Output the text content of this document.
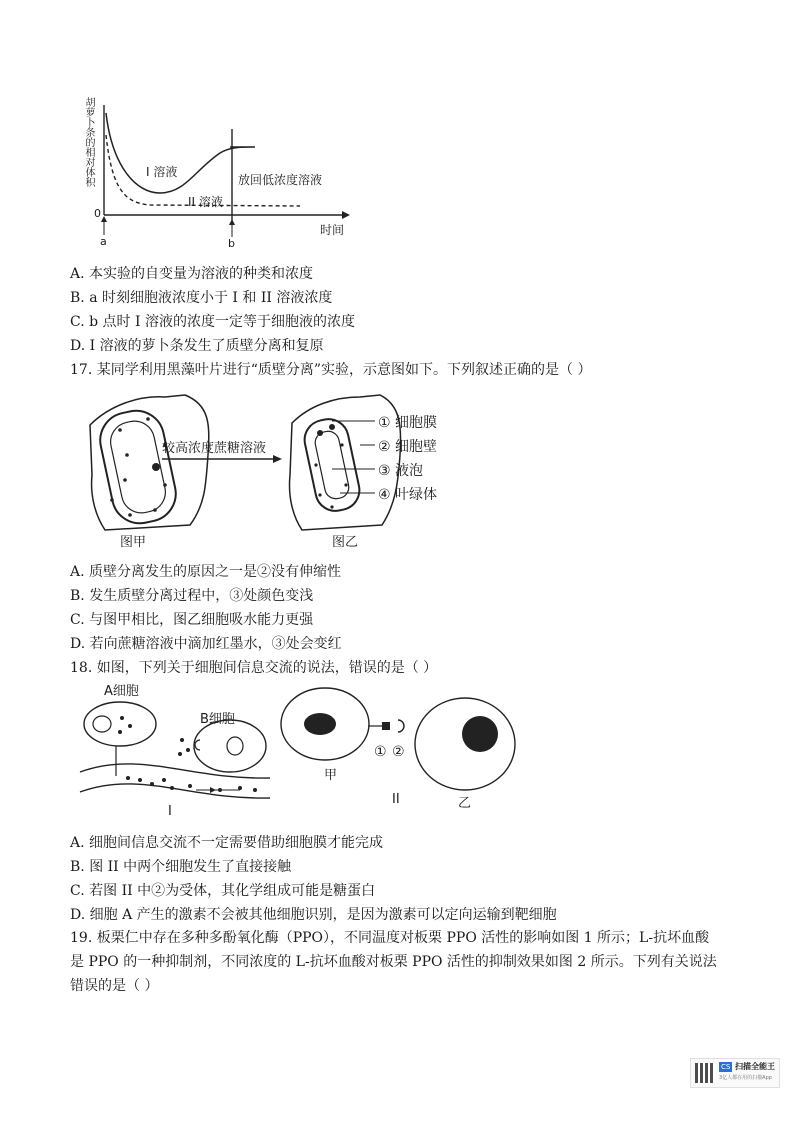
胡萝卜条的相对体积
0
I 溶液
II 溶液
放回低浓度溶液
时间
a	b
A. 本实验的自变量为溶液的种类和浓度
B. a 时刻细胞液浓度小于 I 和 II 溶液浓度
C. b 点时 I 溶液的浓度一定等于细胞液的浓度
D. I 溶液的萝卜条发生了质壁分离和复原
17. 某同学利用黑藻叶片进行“质壁分离”实验，示意图如下。下列叙述正确的是（ ）
较高浓度蔗糖溶液
① 细胞膜
② 细胞壁
③ 液泡
④ 叶绿体
图甲	图乙
A. 质壁分离发生的原因之一是②没有伸缩性
B. 发生质壁分离过程中，③处颜色变浅
C. 与图甲相比，图乙细胞吸水能力更强
D. 若向蔗糖溶液中滴加红墨水，③处会变红
18. 如图，下列关于细胞间信息交流的说法，错误的是（ ）
A细胞
B细胞
I
甲
① ②
II	乙
A. 细胞间信息交流不一定需要借助细胞膜才能完成
B. 图 II 中两个细胞发生了直接接触
C. 若图 II 中②为受体，其化学组成可能是糖蛋白
D. 细胞 A 产生的激素不会被其他细胞识别，是因为激素可以定向运输到靶细胞
19. 板栗仁中存在多种多酚氧化酶（PPO），不同温度对板栗 PPO 活性的影响如图 1 所示；L-抗坏血酸是 PPO 的一种抑制剂，不同浓度的 L-抗坏血酸对板栗 PPO 活性的抑制效果如图 2 所示。下列有关说法错误的是（ ）
CS 扫描全能王
3亿人都在用的扫描App
